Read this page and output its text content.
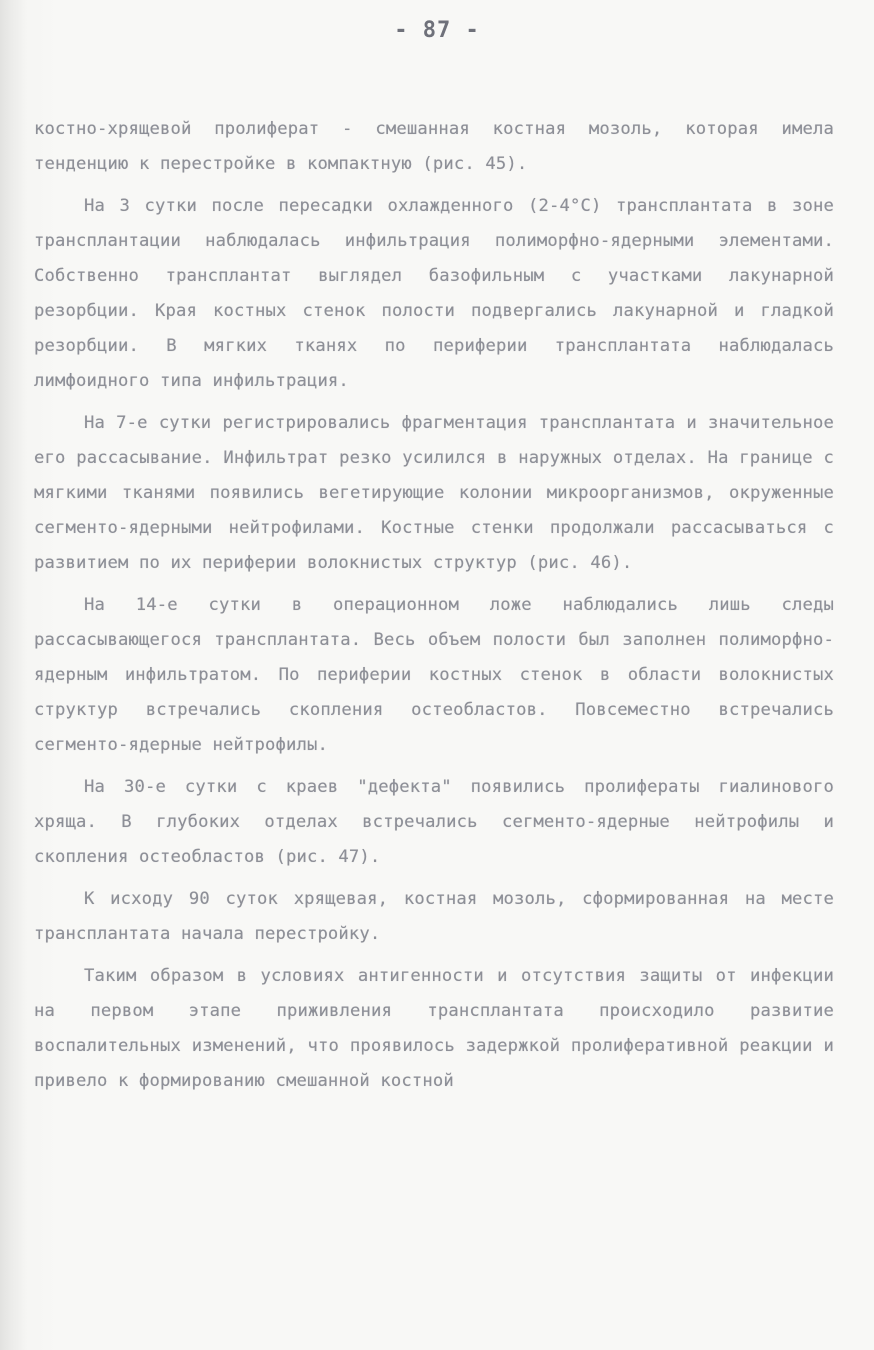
- 87 -

костно-хрящевой пролиферат - смешанная костная мозоль, которая имела тенденцию к перестройке в компактную (рис. 45).

На 3 сутки после пересадки охлажденного (2-4°С) трансплантата в зоне трансплантации наблюдалась инфильтрация полиморфно-ядерными элементами. Собственно трансплантат выглядел базофильным с участками лакунарной резорбции. Края костных стенок полости подвергались лакунарной и гладкой резорбции. В мягких тканях по периферии трансплантата наблюдалась лимфоидного типа инфильтрация.

На 7-е сутки регистрировались фрагментация трансплантата и значительное его рассасывание. Инфильтрат резко усилился в наружных отделах. На границе с мягкими тканями появились вегетирующие колонии микроорганизмов, окруженные сегменто-ядерными нейтрофилами. Костные стенки продолжали рассасываться с развитием по их периферии волокнистых структур (рис. 46).

На 14-е сутки в операционном ложе наблюдались лишь следы рассасывающегося трансплантата. Весь объем полости был заполнен полиморфно-ядерным инфильтратом. По периферии костных стенок в области волокнистых структур встречались скопления остеобластов. Повсеместно встречались сегменто-ядерные нейтрофилы.

На 30-е сутки с краев "дефекта" появились пролифераты гиалинового хряща. В глубоких отделах встречались сегменто-ядерные нейтрофилы и скопления остеобластов (рис. 47).

К исходу 90 суток хрящевая, костная мозоль, сформированная на месте трансплантата начала перестройку.

Таким образом в условиях антигенности и отсутствия защиты от инфекции на первом этапе приживления трансплантата происходило развитие воспалительных изменений, что проявилось задержкой пролиферативной реакции и привело к формированию смешанной костной
